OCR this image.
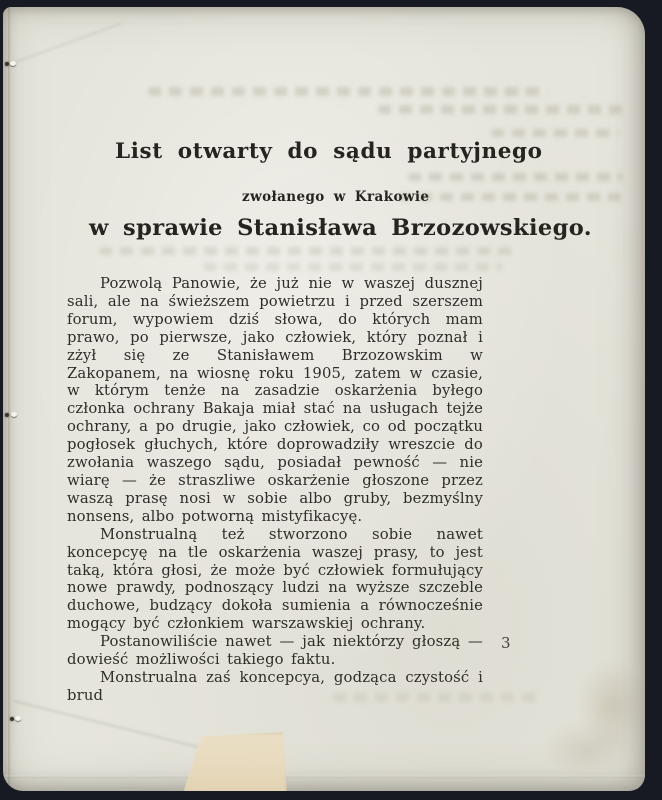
List otwarty do sądu partyjnego
zwołanego w Krakowie
w sprawie Stanisława Brzozowskiego.

Pozwolą Panowie, że już nie w waszej dusznej sali, ale na świeższem powietrzu i przed szerszem forum, wypowiem dziś słowa, do których mam prawo, po pierwsze, jako człowiek, który poznał i zżył się ze Stanisławem Brzozowskim w Zakopanem, na wiosnę roku 1905, zatem w czasie, w którym tenże na zasadzie oskarżenia byłego członka ochrany Bakaja miał stać na usługach tejże ochrany, a po drugie, jako człowiek, co od początku pogłosek głuchych, które doprowadziły wreszcie do zwołania waszego sądu, posiadał pewność — nie wiarę — że straszliwe oskarżenie głoszone przez waszą prasę nosi w sobie albo gruby, bezmyślny nonsens, albo potworną mistyfikacyę.

Monstrualną też stworzono sobie nawet koncepcyę na tle oskarżenia waszej prasy, to jest taką, która głosi, że może być człowiek formułujący nowe prawdy, podnoszący ludzi na wyższe szczeble duchowe, budzący dokoła sumienia a równocześnie mogący być członkiem warszawskiej ochrany.

Postanowiliście nawet — jak niektórzy głoszą — dowieść możliwości takiego faktu.

Monstrualna zaś koncepcya, godząca czystość i brud

3
